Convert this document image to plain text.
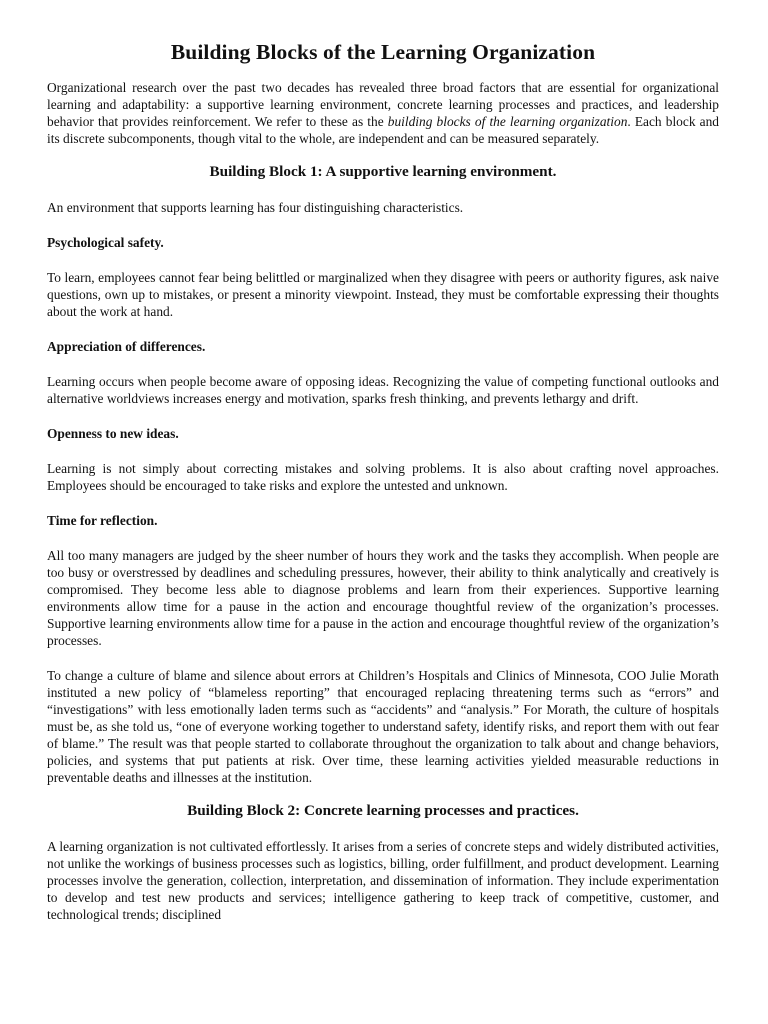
Building Blocks of the Learning Organization

Organizational research over the past two decades has revealed three broad factors that are essential for organizational learning and adaptability: a supportive learning environment, concrete learning processes and practices, and leadership behavior that provides reinforcement. We refer to these as the building blocks of the learning organization. Each block and its discrete subcomponents, though vital to the whole, are independent and can be measured separately.

Building Block 1: A supportive learning environment.

An environment that supports learning has four distinguishing characteristics.

Psychological safety.

To learn, employees cannot fear being belittled or marginalized when they disagree with peers or authority figures, ask naive questions, own up to mistakes, or present a minority viewpoint. Instead, they must be comfortable expressing their thoughts about the work at hand.

Appreciation of differences.

Learning occurs when people become aware of opposing ideas. Recognizing the value of competing functional outlooks and alternative worldviews increases energy and motivation, sparks fresh thinking, and prevents lethargy and drift.

Openness to new ideas.

Learning is not simply about correcting mistakes and solving problems. It is also about crafting novel approaches. Employees should be encouraged to take risks and explore the untested and unknown.

Time for reflection.

All too many managers are judged by the sheer number of hours they work and the tasks they accomplish. When people are too busy or overstressed by deadlines and scheduling pressures, however, their ability to think analytically and creatively is compromised. They become less able to diagnose problems and learn from their experiences. Supportive learning environments allow time for a pause in the action and encourage thoughtful review of the organization’s processes. Supportive learning environments allow time for a pause in the action and encourage thoughtful review of the organization’s processes.

To change a culture of blame and silence about errors at Children’s Hospitals and Clinics of Minnesota, COO Julie Morath instituted a new policy of “blameless reporting” that encouraged replacing threatening terms such as “errors” and “investigations” with less emotionally laden terms such as “accidents” and “analysis.” For Morath, the culture of hospitals must be, as she told us, “one of everyone working together to understand safety, identify risks, and report them with out fear of blame.” The result was that people started to collaborate throughout the organization to talk about and change behaviors, policies, and systems that put patients at risk. Over time, these learning activities yielded measurable reductions in preventable deaths and illnesses at the institution.

Building Block 2: Concrete learning processes and practices.

A learning organization is not cultivated effortlessly. It arises from a series of concrete steps and widely distributed activities, not unlike the workings of business processes such as logistics, billing, order fulfillment, and product development. Learning processes involve the generation, collection, interpretation, and dissemination of information. They include experimentation to develop and test new products and services; intelligence gathering to keep track of competitive, customer, and technological trends; disciplined
